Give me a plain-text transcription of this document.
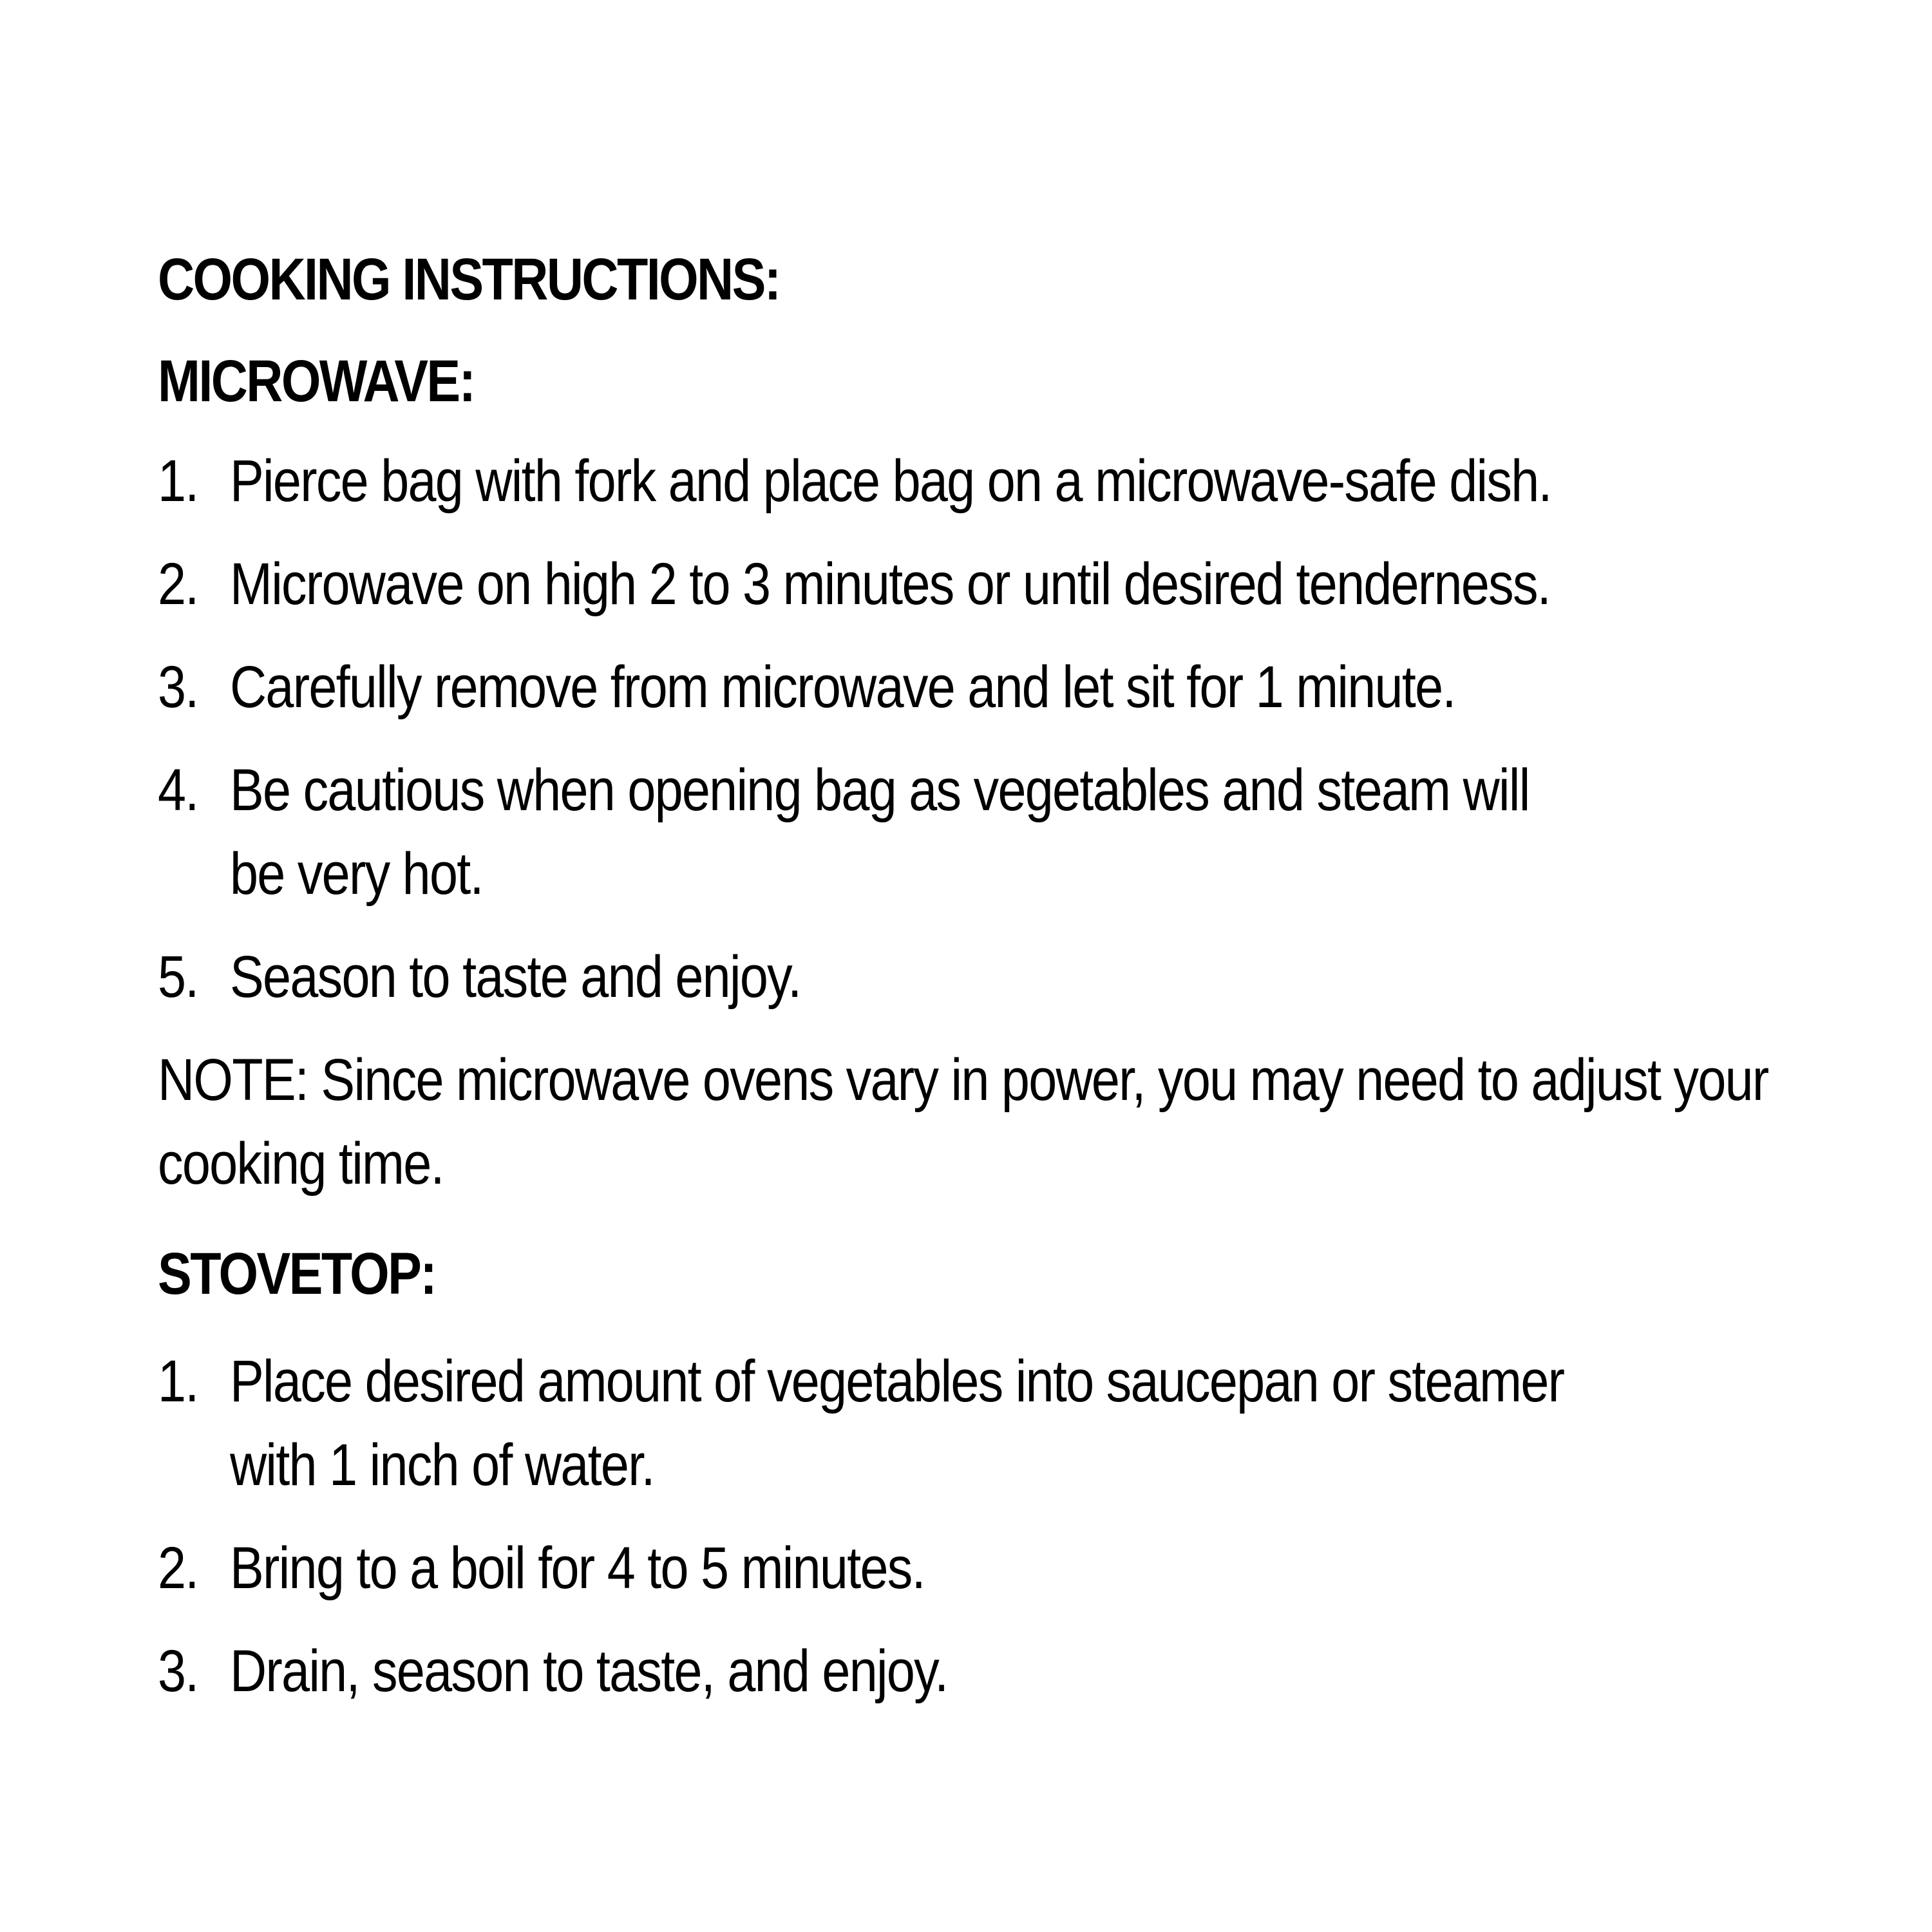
COOKING INSTRUCTIONS:
MICROWAVE:
1. Pierce bag with fork and place bag on a microwave-safe dish.
2. Microwave on high 2 to 3 minutes or until desired tenderness.
3. Carefully remove from microwave and let sit for 1 minute.
4. Be cautious when opening bag as vegetables and steam will be very hot.
5. Season to taste and enjoy.

NOTE: Since microwave ovens vary in power, you may need to adjust your cooking time.

STOVETOP:
1. Place desired amount of vegetables into saucepan or steamer with 1 inch of water.
2. Bring to a boil for 4 to 5 minutes.
3. Drain, season to taste, and enjoy.
